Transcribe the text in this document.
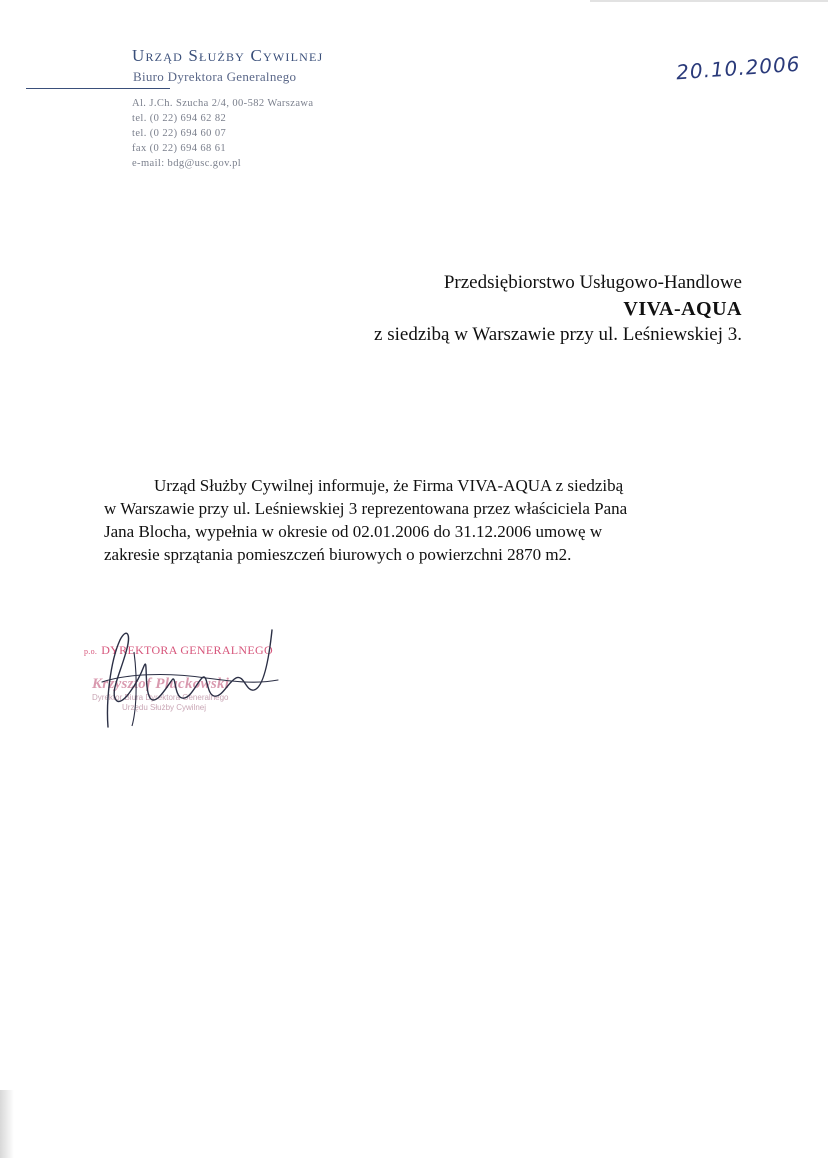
Urząd Służby Cywilnej
Biuro Dyrektora Generalnego
Al. J.Ch. Szucha 2/4, 00-582 Warszawa
tel. (0 22) 694 62 82
tel. (0 22) 694 60 07
fax (0 22) 694 68 61
e-mail: bdg@usc.gov.pl
20.10.2006
Przedsiębiorstwo Usługowo-Handlowe
VIVA-AQUA
z siedzibą w Warszawie przy ul. Leśniewskiej 3.
Urząd Służby Cywilnej informuje, że Firma VIVA-AQUA z siedzibą
w Warszawie przy ul. Leśniewskiej 3 reprezentowana przez właściciela Pana
Jana Blocha, wypełnia w okresie od 02.01.2006 do 31.12.2006 umowę w
zakresie sprzątania pomieszczeń biurowych o powierzchni 2870 m2.
p.o. DYREKTORA GENERALNEGO
Krzysztof Pluckowski
Dyrektor Biura Dyrektora Generalnego
Urzędu Służby Cywilnej
